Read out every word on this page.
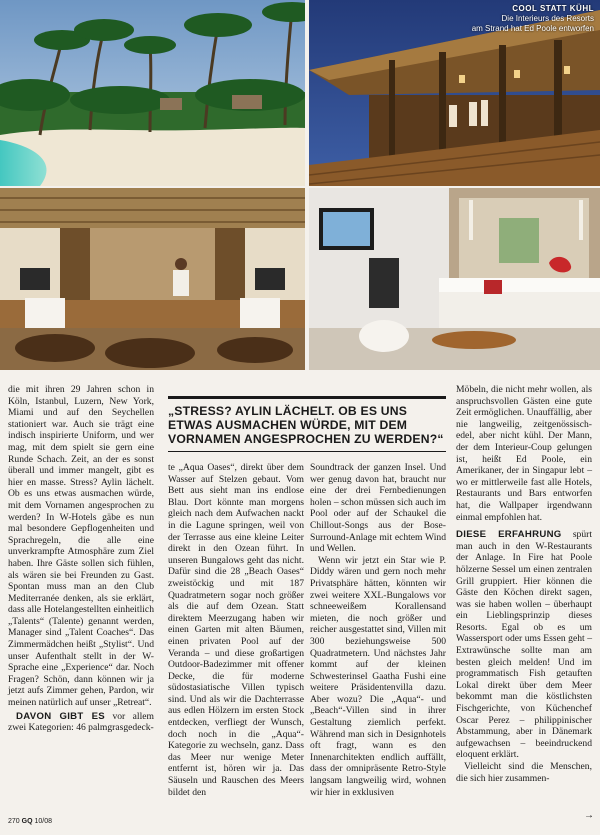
COOL STATT KÜHL
Die Interieurs des Resorts
am Strand hat Ed Poole entworfen
„STRESS? AYLIN LÄCHELT. OB ES UNS ETWAS AUSMACHEN WÜRDE, MIT DEM VORNAMEN ANGESPROCHEN ZU WERDEN?“

die mit ihren 29 Jahren schon in Köln, Istanbul, Luzern, New York, Miami und auf den Seychellen stationiert war. Auch sie trägt eine indisch inspirierte Uniform, und wer mag, mit dem spielt sie gern eine Runde Schach. Zeit, an der es sonst überall und immer mangelt, gibt es hier en masse. Stress? Aylin lächelt. Ob es uns etwas ausmachen würde, mit dem Vornamen angesprochen zu werden? In W-Hotels gäbe es nun mal besondere Gepflogenheiten und Sprachregeln, die alle eine unverkrampfte Atmosphäre zum Ziel haben. Ihre Gäste sollen sich fühlen, als wären sie bei Freunden zu Gast. Spontan muss man an den Club Mediterranée denken, als sie erklärt, dass alle Hotelangestellten einheitlich „Talents“ (Talente) genannt werden, Manager sind „Talent Coaches“. Das Zimmermädchen heißt „Stylist“. Und unser Aufenthalt stellt in der W-Sprache eine „Experience“ dar. Noch Fragen? Schön, dann können wir ja jetzt aufs Zimmer gehen, Pardon, wir meinen natürlich auf unser „Retreat“.

DAVON GIBT ES vor allem zwei Kategorien: 46 palmgrasgedeck-

te „Aqua Oases“, direkt über dem Wasser auf Stelzen gebaut. Vom Bett aus sieht man ins endlose Blau. Dort könnte man morgens gleich nach dem Aufwachen nackt in die Lagune springen, weil von der Terrasse aus eine kleine Leiter direkt in den Ozean führt. In unseren Bungalows geht das nicht. Dafür sind die 28 „Beach Oases“ zweistöckig und mit 187 Quadratmetern sogar noch größer als die auf dem Ozean. Statt direktem Meerzugang haben wir einen Garten mit alten Bäumen, einen privaten Pool auf der Veranda – und diese großartigen Outdoor-Badezimmer mit offener Decke, die für moderne südostasiatische Villen typisch sind. Und als wir die Dachterrasse aus edlen Hölzern im ersten Stock entdecken, verfliegt der Wunsch, doch noch in die „Aqua“-Kategorie zu wechseln, ganz. Dass das Meer nur wenige Meter entfernt ist, hören wir ja. Das Säuseln und Rauschen des Meers bildet den

Soundtrack der ganzen Insel. Und wer genug davon hat, braucht nur eine der drei Fernbedienungen holen – schon müssen sich auch im Pool oder auf der Schaukel die Chillout-Songs aus der Bose-Surround-Anlage mit echtem Wind und Wellen.

Wenn wir jetzt ein Star wie P. Diddy wären und gern noch mehr Privatsphäre hätten, könnten wir zwei weitere XXL-Bungalows vor schneeweißem Korallensand mieten, die noch größer und reicher ausgestattet sind, Villen mit 300 beziehungsweise 500 Quadratmetern. Und nächstes Jahr kommt auf der kleinen Schwesterinsel Gaatha Fushi eine weitere Präsidentenvilla dazu. Aber wozu? Die „Aqua“- und „Beach“-Villen sind in ihrer Gestaltung ziemlich perfekt. Während man sich in Designhotels oft fragt, wann es den Innenarchitekten endlich auffällt, dass der omnipräsente Retro-Style langsam langweilig wird, wohnen wir hier in exklusiven

Möbeln, die nicht mehr wollen, als anspruchsvollen Gästen eine gute Zeit ermöglichen. Unauffällig, aber nie langweilig, zeitgenössisch-edel, aber nicht kühl. Der Mann, der dem Interieur-Coup gelungen ist, heißt Ed Poole, ein Amerikaner, der in Singapur lebt – wo er mittlerweile fast alle Hotels, Restaurants und Bars entworfen hat, die Wallpaper irgendwann einmal empfohlen hat.

DIESE ERFAHRUNG spürt man auch in den W-Restaurants der Anlage. In Fire hat Poole hölzerne Sessel um einen zentralen Grill gruppiert. Hier können die Gäste den Köchen direkt sagen, was sie haben wollen – überhaupt ein Lieblingsprinzip dieses Resorts. Egal ob es um Wassersport oder ums Essen geht – Extrawünsche sollte man am besten gleich melden! Und im programmatisch Fish getauften Lokal direkt über dem Meer bekommt man die köstlichsten Fischgerichte, von Küchenchef Oscar Perez – philippinischer Abstammung, aber in Dänemark aufgewachsen – beeindruckend eloquent erklärt.

Vielleicht sind die Menschen, die sich hier zusammen-

270 GQ 10/08
→
